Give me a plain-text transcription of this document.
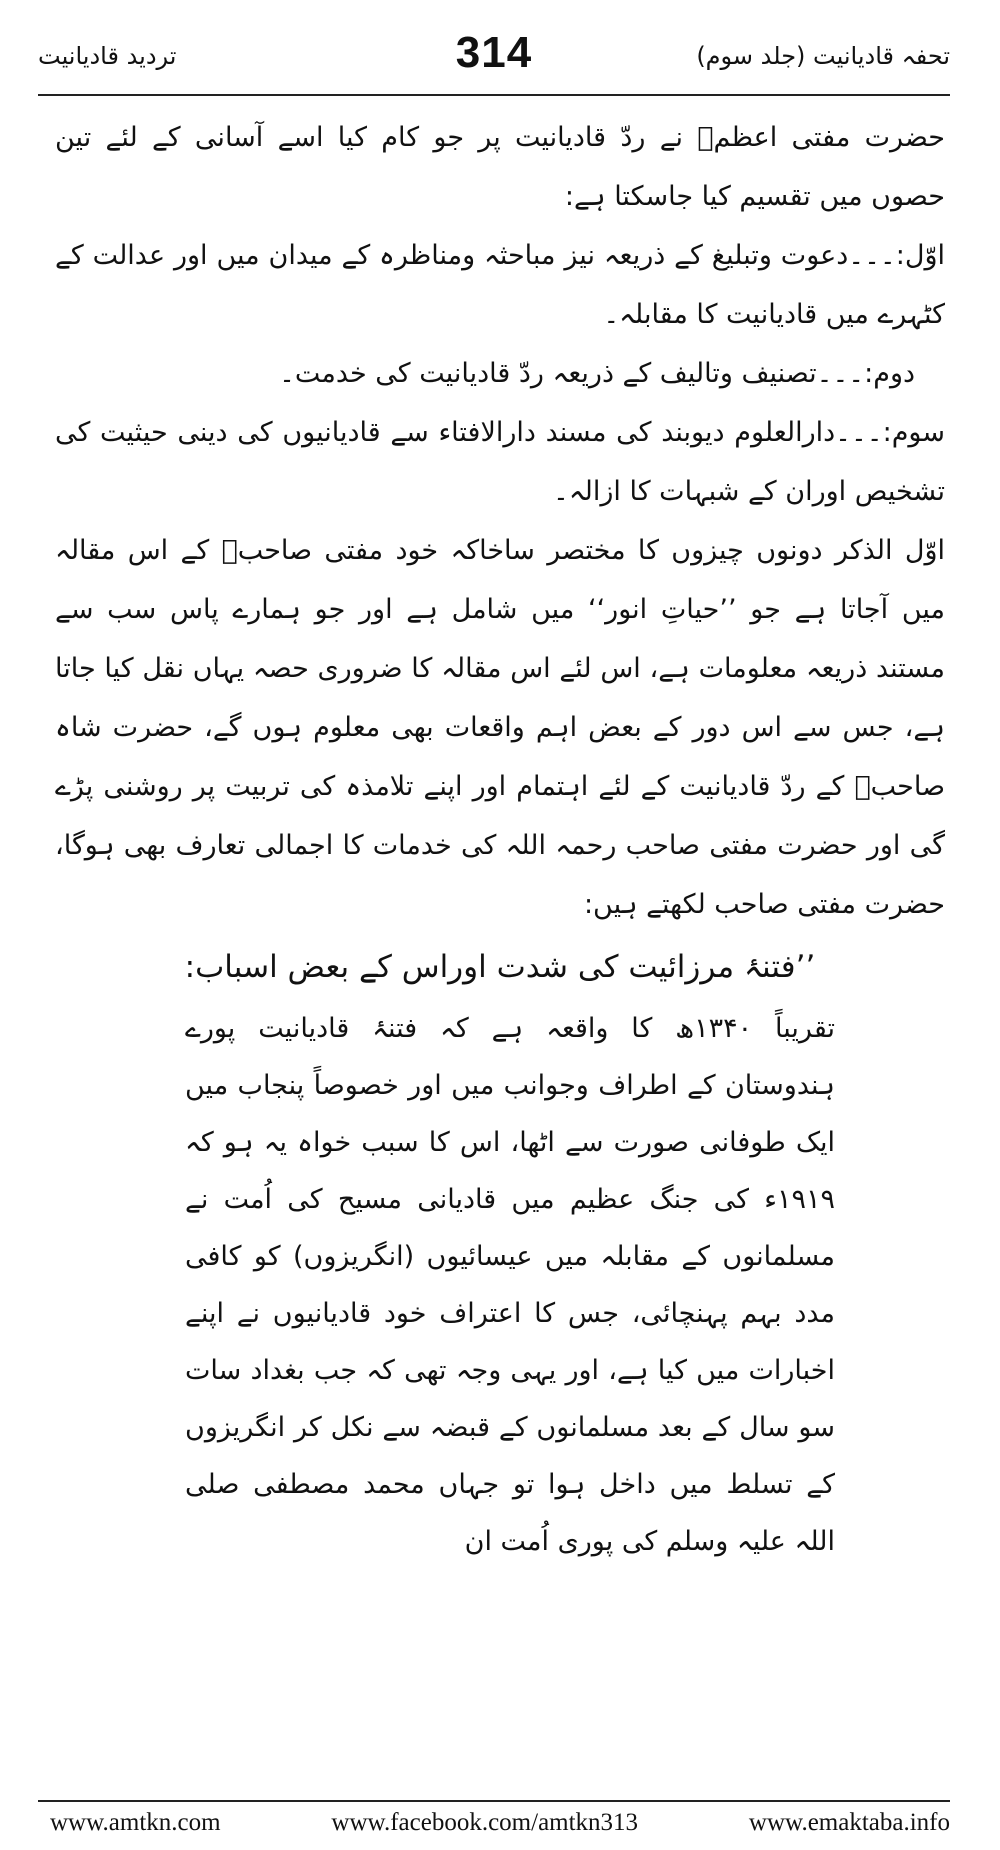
تحفہ قادیانیت (جلد سوم)
314
تردید قادیانیت

حضرت مفتی اعظمؒ نے ردّ قادیانیت پر جو کام کیا اسے آسانی کے لئے تین حصوں میں تقسیم کیا جاسکتا ہے:

اوّل:۔۔۔دعوت وتبلیغ کے ذریعہ نیز مباحثہ ومناظرہ کے میدان میں اور عدالت کے کٹہرے میں قادیانیت کا مقابلہ۔

دوم:۔۔۔تصنیف وتالیف کے ذریعہ ردّ قادیانیت کی خدمت۔

سوم:۔۔۔دارالعلوم دیوبند کی مسند دارالافتاء سے قادیانیوں کی دینی حیثیت کی تشخیص اوران کے شبہات کا ازالہ۔

اوّل الذکر دونوں چیزوں کا مختصر ساخاکہ خود مفتی صاحبؒ کے اس مقالہ میں آجاتا ہے جو ’’حیاتِ انور‘‘ میں شامل ہے اور جو ہمارے پاس سب سے مستند ذریعہ معلومات ہے، اس لئے اس مقالہ کا ضروری حصہ یہاں نقل کیا جاتا ہے، جس سے اس دور کے بعض اہم واقعات بھی معلوم ہوں گے، حضرت شاہ صاحبؒ کے ردّ قادیانیت کے لئے اہتمام اور اپنے تلامذہ کی تربیت پر روشنی پڑے گی اور حضرت مفتی صاحب رحمہ اللہ کی خدمات کا اجمالی تعارف بھی ہوگا، حضرت مفتی صاحب لکھتے ہیں:

’’فتنۂ مرزائیت کی شدت اوراس کے بعض اسباب:

تقریباً ۱۳۴۰ھ کا واقعہ ہے کہ فتنۂ قادیانیت پورے ہندوستان کے اطراف وجوانب میں اور خصوصاً پنجاب میں ایک طوفانی صورت سے اٹھا، اس کا سبب خواہ یہ ہو کہ ۱۹۱۹ء کی جنگ عظیم میں قادیانی مسیح کی اُمت نے مسلمانوں کے مقابلہ میں عیسائیوں (انگریزوں) کو کافی مدد بہم پہنچائی، جس کا اعتراف خود قادیانیوں نے اپنے اخبارات میں کیا ہے، اور یہی وجہ تھی کہ جب بغداد سات سو سال کے بعد مسلمانوں کے قبضہ سے نکل کر انگریزوں کے تسلط میں داخل ہوا تو جہاں محمد مصطفی صلی اللہ علیہ وسلم کی پوری اُمت ان

www.amtkn.com	www.facebook.com/amtkn313	www.emaktaba.info
